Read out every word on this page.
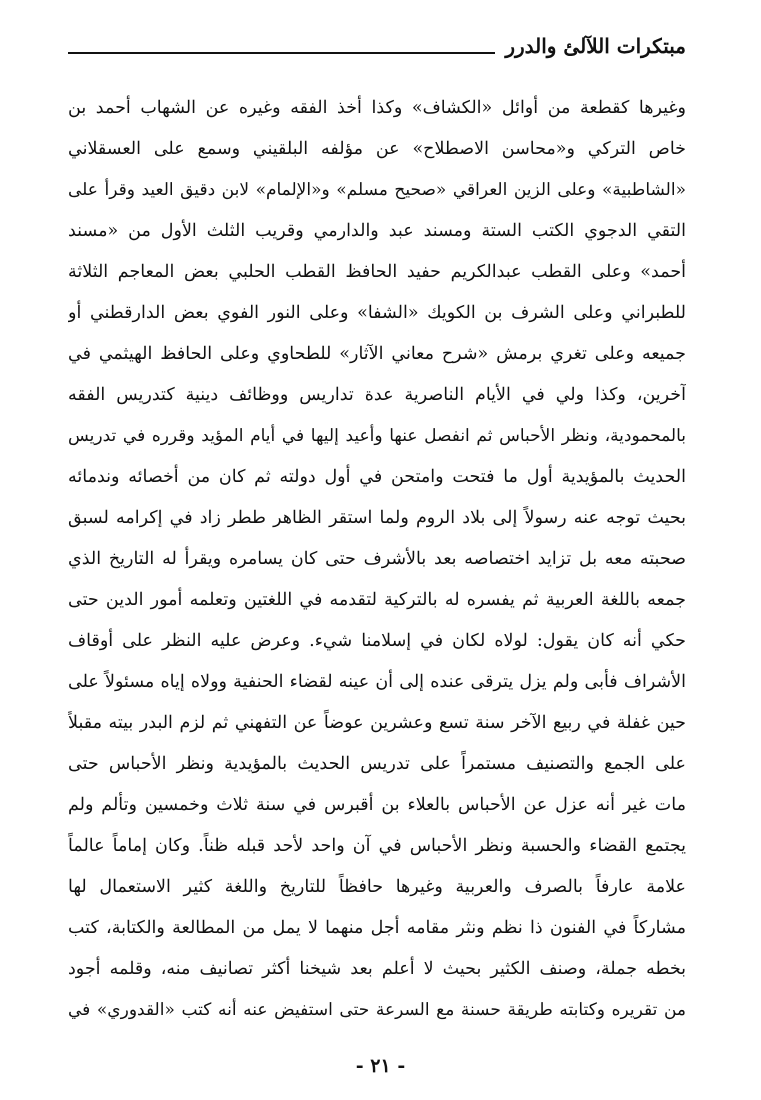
مبتكرات اللآلئ والدرر
وغيرها كقطعة من أوائل «الكشاف» وكذا أخذ الفقه وغيره عن الشهاب أحمد بن
خاص التركي و«محاسن الاصطلاح» عن مؤلفه البلقيني وسمع على العسقلاني
«الشاطبية» وعلى الزين العراقي «صحيح مسلم» و«الإلمام» لابن دقيق العيد وقرأ على
التقي الدجوي الكتب الستة ومسند عبد والدارمي وقريب الثلث الأول من «مسند
أحمد» وعلى القطب عبدالكريم حفيد الحافظ القطب الحلبي بعض المعاجم الثلاثة
للطبراني وعلى الشرف بن الكويك «الشفا» وعلى النور الفوي بعض الدارقطني أو
جميعه وعلى تغري برمش «شرح معاني الآثار» للطحاوي وعلى الحافظ الهيثمي في
آخرين، وكذا ولي في الأيام الناصرية عدة تداريس ووظائف دينية كتدريس الفقه
بالمحمودية، ونظر الأحباس ثم انفصل عنها وأعيد إليها في أيام المؤيد وقرره في تدريس
الحديث بالمؤيدية أول ما فتحت وامتحن في أول دولته ثم كان من أخصائه وندمائه
بحيث توجه عنه رسولاً إلى بلاد الروم ولما استقر الظاهر ططر زاد في إكرامه لسبق
صحبته معه بل تزايد اختصاصه بعد بالأشرف حتى كان يسامره ويقرأ له التاريخ الذي
جمعه باللغة العربية ثم يفسره له بالتركية لتقدمه في اللغتين وتعلمه أمور الدين حتى
حكي أنه كان يقول: لولاه لكان في إسلامنا شيء. وعرض عليه النظر على أوقاف
الأشراف فأبى ولم يزل يترقى عنده إلى أن عينه لقضاء الحنفية وولاه إياه مسئولاً على
حين غفلة في ربيع الآخر سنة تسع وعشرين عوضاً عن التفهني ثم لزم البدر بيته مقبلاً
على الجمع والتصنيف مستمراً على تدريس الحديث بالمؤيدية ونظر الأحباس حتى
مات غير أنه عزل عن الأحباس بالعلاء بن أقبرس في سنة ثلاث وخمسين وتألم ولم
يجتمع القضاء والحسبة ونظر الأحباس في آن واحد لأحد قبله ظناً. وكان إماماً عالماً
علامة عارفاً بالصرف والعربية وغيرها حافظاً للتاريخ واللغة كثير الاستعمال لها
مشاركاً في الفنون ذا نظم ونثر مقامه أجل منهما لا يمل من المطالعة والكتابة، كتب
بخطه جملة، وصنف الكثير بحيث لا أعلم بعد شيخنا أكثر تصانيف منه، وقلمه أجود
من تقريره وكتابته طريقة حسنة مع السرعة حتى استفيض عنه أنه كتب «القدوري» في
- ٢١ -
